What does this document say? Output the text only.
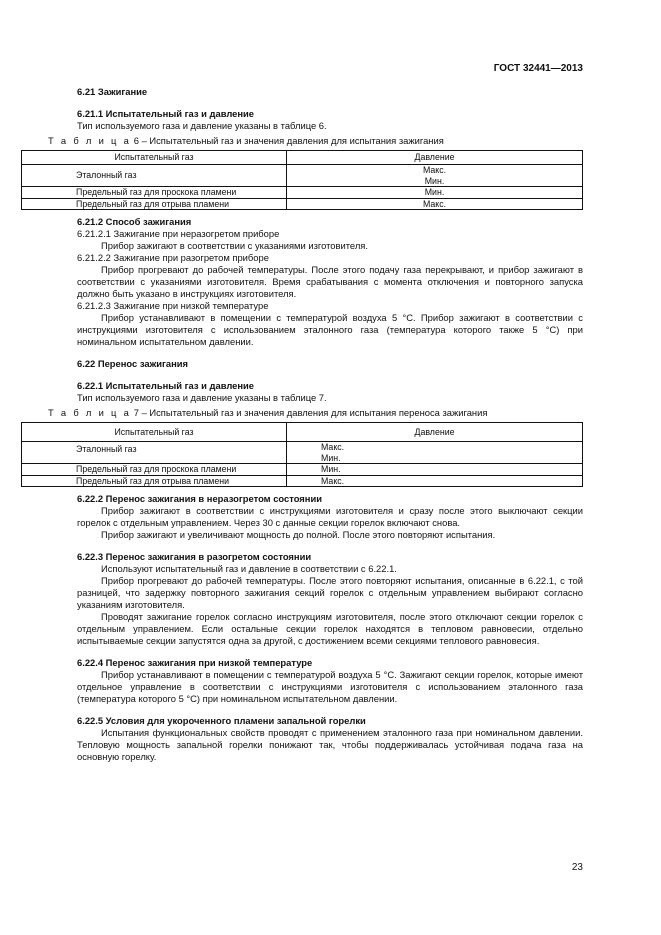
ГОСТ 32441—2013

6.21 Зажигание

6.21.1 Испытательный газ и давление

Тип используемого газа и давление указаны в таблице 6.

Т а б л и ц а 6 – Испытательный газ и значения давления для испытания зажигания

Испытательный газ	Давление
Эталонный газ	Макс.
Мин.

Предельный газ для проскока пламени	Мин.
Предельный газ для отрыва пламени	Макс.

6.21.2 Способ зажигания

6.21.2.1 Зажигание при неразогретом приборе

Прибор зажигают в соответствии с указаниями изготовителя.

6.21.2.2 Зажигание при разогретом приборе

Прибор прогревают до рабочей температуры. После этого подачу газа перекрывают, и прибор зажигают в соответствии с указаниями изготовителя. Время срабатывания с момента отключения и повторного запуска должно быть указано в инструкциях изготовителя.

6.21.2.3 Зажигание при низкой температуре

Прибор устанавливают в помещении с температурой воздуха 5 °С. Прибор зажигают в соответствии с инструкциями изготовителя с использованием эталонного газа (температура которого также 5 °С) при номинальном испытательном давлении.

6.22 Перенос зажигания

6.22.1 Испытательный газ и давление

Тип используемого газа и давление указаны в таблице 7.

Т а б л и ц а 7 – Испытательный газ и значения давления для испытания переноса зажигания

Испытательный газ	Давление
Эталонный газ	Макс.
Мин.

Предельный газ для проскока пламени	Мин.
Предельный газ для отрыва пламени	Макс.

6.22.2 Перенос зажигания в неразогретом состоянии

Прибор зажигают в соответствии с инструкциями изготовителя и сразу после этого выключают секции горелок с отдельным управлением. Через 30 с данные секции горелок включают снова.

Прибор зажигают и увеличивают мощность до полной. После этого повторяют испытания.

6.22.3 Перенос зажигания в разогретом состоянии

Используют испытательный газ и давление в соответствии с 6.22.1.

Прибор прогревают до рабочей температуры. После этого повторяют испытания, описанные в 6.22.1, с той разницей, что задержку повторного зажигания секций горелок с отдельным управлением выбирают согласно указаниям изготовителя.

Проводят зажигание горелок согласно инструкциям изготовителя, после этого отключают секции горелок с отдельным управлением. Если остальные секции горелок находятся в тепловом равновесии, отдельно испытываемые секции запустятся одна за другой, с достижением всеми секциями теплового равновесия.

6.22.4 Перенос зажигания при низкой температуре

Прибор устанавливают в помещении с температурой воздуха 5 °С. Зажигают секции горелок, которые имеют отдельное управление в соответствии с инструкциями изготовителя с использованием эталонного газа (температура которого 5 °С) при номинальном испытательном давлении.

6.22.5 Условия для укороченного пламени запальной горелки

Испытания функциональных свойств проводят с применением эталонного газа при номинальном давлении. Тепловую мощность запальной горелки понижают так, чтобы поддерживалась устойчивая подача газа на основную горелку.

23
